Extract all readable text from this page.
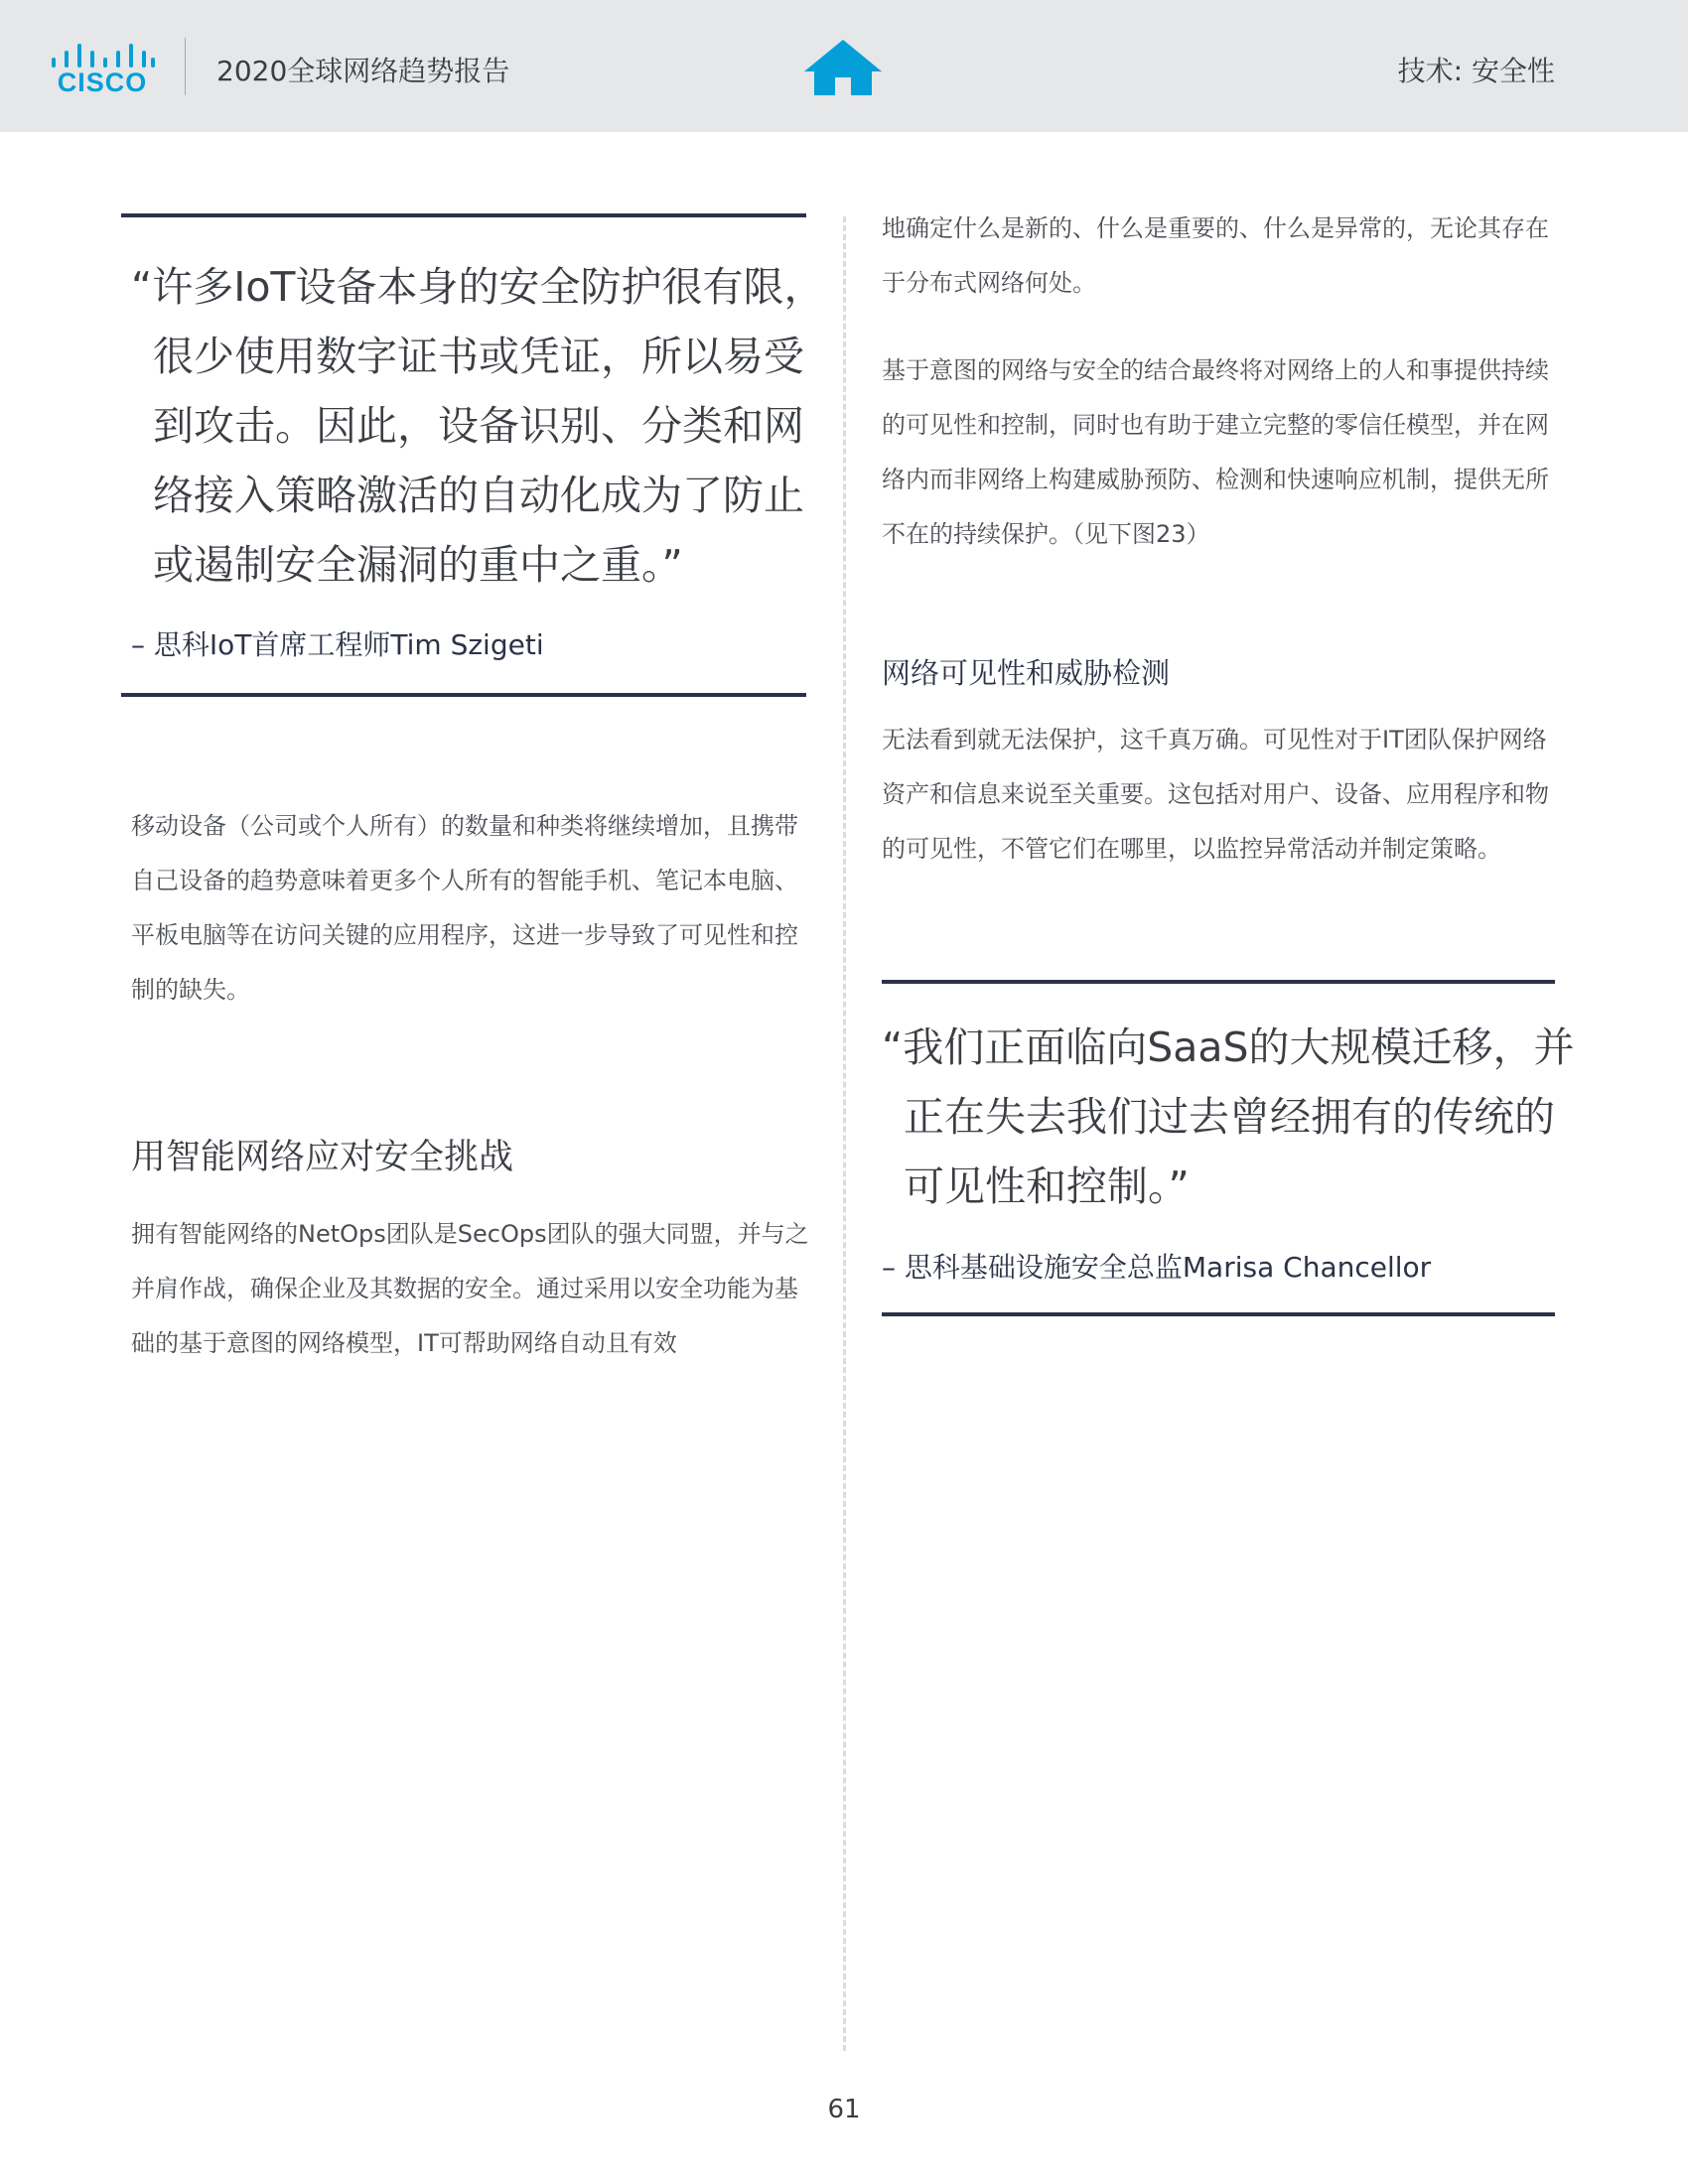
CISCO 2020全球网络趋势报告	技术: 安全性
“许多IoT设备本身的安全防护很有限，很少使用数字证书或凭证，所以易受到攻击。因此，设备识别、分类和网络接入策略激活的自动化成为了防止或遏制安全漏洞的重中之重。”
– 思科IoT首席工程师Tim Szigeti
移动设备（公司或个人所有）的数量和种类将继续增加，且携带自己设备的趋势意味着更多个人所有的智能手机、笔记本电脑、平板电脑等在访问关键的应用程序，这进一步导致了可见性和控制的缺失。
用智能网络应对安全挑战
拥有智能网络的NetOps团队是SecOps团队的强大同盟，并与之并肩作战，确保企业及其数据的安全。通过采用以安全功能为基础的基于意图的网络模型，IT可帮助网络自动且有效
地确定什么是新的、什么是重要的、什么是异常的，无论其存在于分布式网络何处。
基于意图的网络与安全的结合最终将对网络上的人和事提供持续的可见性和控制，同时也有助于建立完整的零信任模型，并在网络内而非网络上构建威胁预防、检测和快速响应机制，提供无所不在的持续保护。（见下图23）
网络可见性和威胁检测
无法看到就无法保护，这千真万确。可见性对于IT团队保护网络资产和信息来说至关重要。这包括对用户、设备、应用程序和物的可见性，不管它们在哪里，以监控异常活动并制定策略。
“我们正面临向SaaS的大规模迁移，并正在失去我们过去曾经拥有的传统的可见性和控制。”
– 思科基础设施安全总监Marisa Chancellor
61
